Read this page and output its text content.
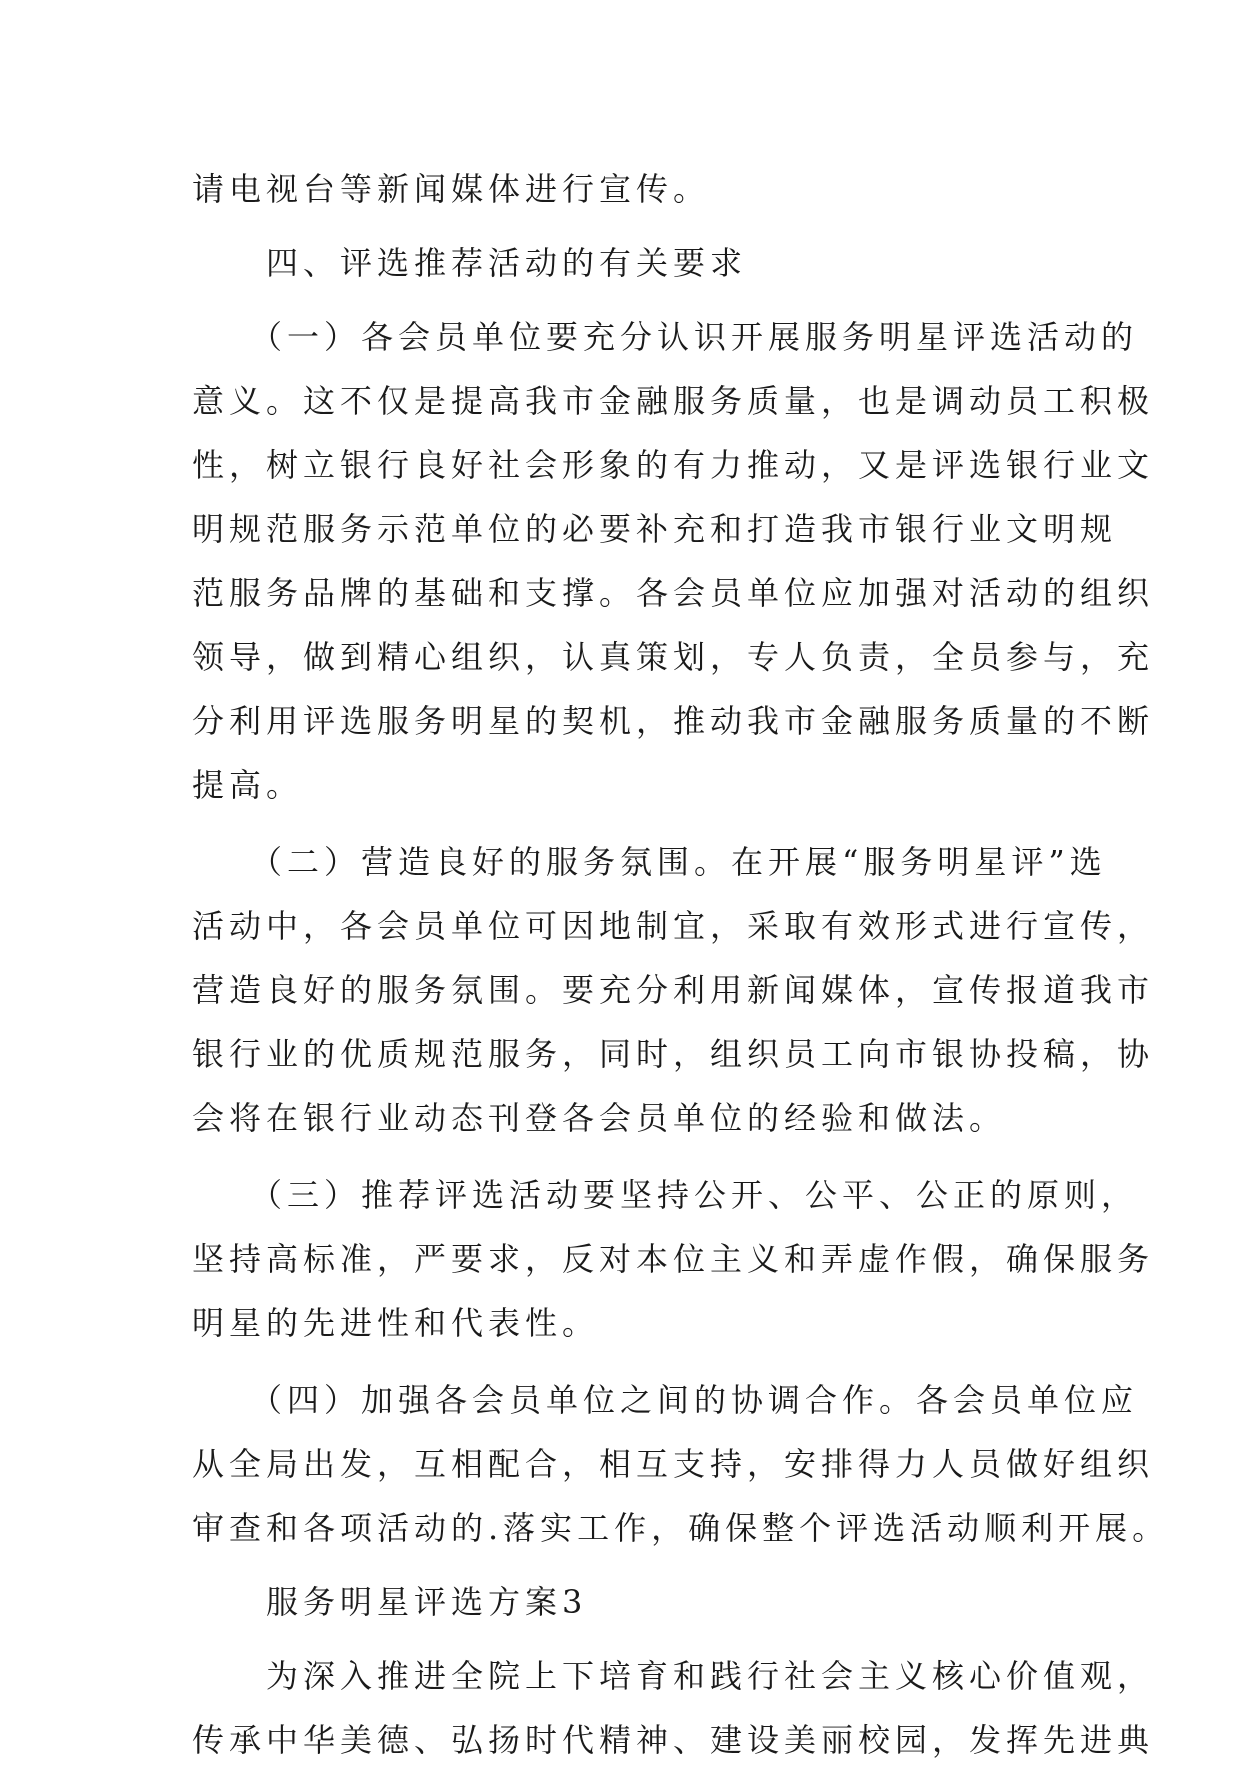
请电视台等新闻媒体进行宣传。
　　四、评选推荐活动的有关要求
　　（一）各会员单位要充分认识开展服务明星评选活动的
意义。这不仅是提高我市金融服务质量，也是调动员工积极
性，树立银行良好社会形象的有力推动，又是评选银行业文
明规范服务示范单位的必要补充和打造我市银行业文明规
范服务品牌的基础和支撑。各会员单位应加强对活动的组织
领导，做到精心组织，认真策划，专人负责，全员参与，充
分利用评选服务明星的契机，推动我市金融服务质量的不断
提高。
　　（二）营造良好的服务氛围。在开展“服务明星评”选
活动中，各会员单位可因地制宜，采取有效形式进行宣传，
营造良好的服务氛围。要充分利用新闻媒体，宣传报道我市
银行业的优质规范服务，同时，组织员工向市银协投稿，协
会将在银行业动态刊登各会员单位的经验和做法。
　　（三）推荐评选活动要坚持公开、公平、公正的原则，
坚持高标准，严要求，反对本位主义和弄虚作假，确保服务
明星的先进性和代表性。
　　（四）加强各会员单位之间的协调合作。各会员单位应
从全局出发，互相配合，相互支持，安排得力人员做好组织
审查和各项活动的.落实工作，确保整个评选活动顺利开展。
　　服务明星评选方案3
　　为深入推进全院上下培育和践行社会主义核心价值观，
传承中华美德、弘扬时代精神、建设美丽校园，发挥先进典
